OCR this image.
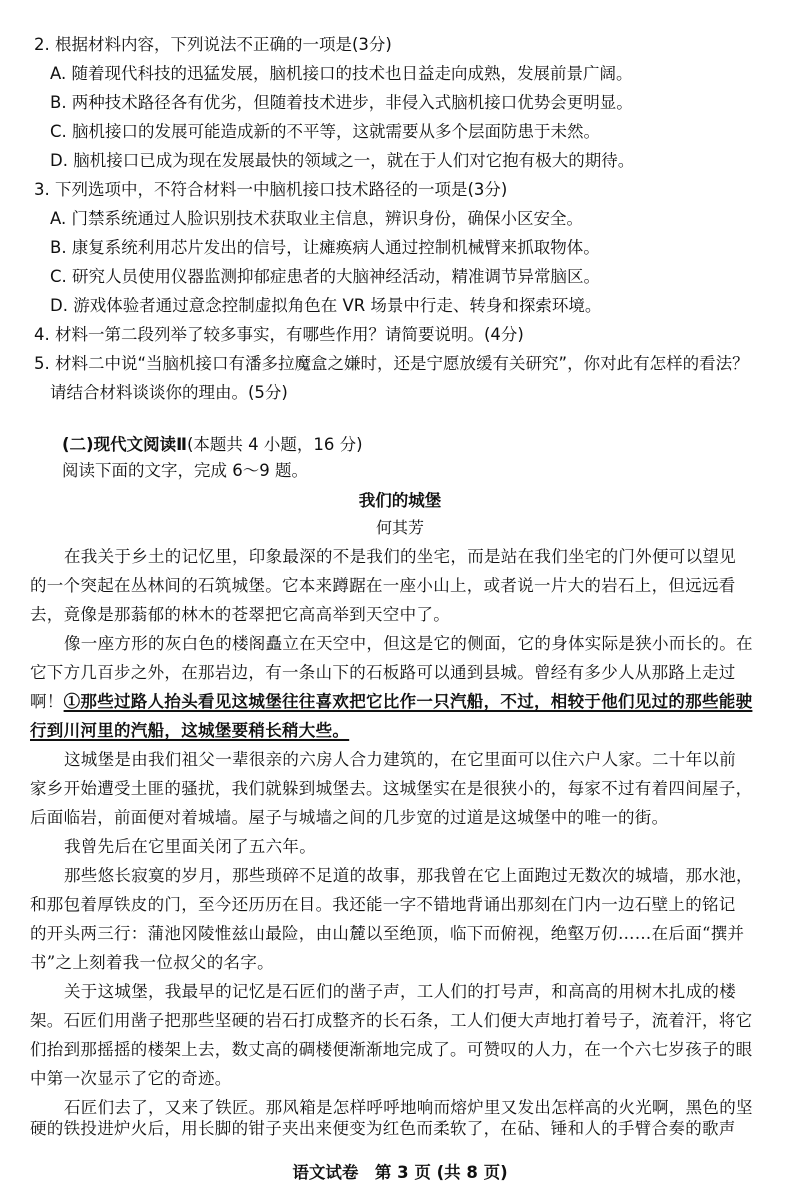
2. 根据材料内容，下列说法不正确的一项是(3分)
A. 随着现代科技的迅猛发展，脑机接口的技术也日益走向成熟，发展前景广阔。
B. 两种技术路径各有优劣，但随着技术进步，非侵入式脑机接口优势会更明显。
C. 脑机接口的发展可能造成新的不平等，这就需要从多个层面防患于未然。
D. 脑机接口已成为现在发展最快的领域之一，就在于人们对它抱有极大的期待。
3. 下列选项中，不符合材料一中脑机接口技术路径的一项是(3分)
A. 门禁系统通过人脸识别技术获取业主信息，辨识身份，确保小区安全。
B. 康复系统利用芯片发出的信号，让瘫痪病人通过控制机械臂来抓取物体。
C. 研究人员使用仪器监测抑郁症患者的大脑神经活动，精准调节异常脑区。
D. 游戏体验者通过意念控制虚拟角色在 VR 场景中行走、转身和探索环境。
4. 材料一第二段列举了较多事实，有哪些作用？请简要说明。(4分)
5. 材料二中说“当脑机接口有潘多拉魔盒之嫌时，还是宁愿放缓有关研究”，你对此有怎样的看法？
请结合材料谈谈你的理由。(5分)
(二)现代文阅读Ⅱ(本题共 4 小题，16 分)
阅读下面的文字，完成 6～9 题。
我们的城堡
何其芳
在我关于乡土的记忆里，印象最深的不是我们的坐宅，而是站在我们坐宅的门外便可以望见
的一个突起在丛林间的石筑城堡。它本来蹲踞在一座小山上，或者说一片大的岩石上，但远远看
去，竟像是那蓊郁的林木的苍翠把它高高举到天空中了。
像一座方形的灰白色的楼阁矗立在天空中，但这是它的侧面，它的身体实际是狭小而长的。在
它下方几百步之外，在那岩边，有一条山下的石板路可以通到县城。曾经有多少人从那路上走过
啊！①那些过路人抬头看见这城堡往往喜欢把它比作一只汽船，不过，相较于他们见过的那些能驶
行到川河里的汽船，这城堡要稍长稍大些。
这城堡是由我们祖父一辈很亲的六房人合力建筑的，在它里面可以住六户人家。二十年以前
家乡开始遭受土匪的骚扰，我们就躲到城堡去。这城堡实在是很狭小的，每家不过有着四间屋子，
后面临岩，前面便对着城墙。屋子与城墙之间的几步宽的过道是这城堡中的唯一的街。
我曾先后在它里面关闭了五六年。
那些悠长寂寞的岁月，那些琐碎不足道的故事，那我曾在它上面跑过无数次的城墙，那水池，
和那包着厚铁皮的门，至今还历历在目。我还能一字不错地背诵出那刻在门内一边石壁上的铭记
的开头两三行：蒲池冈陵惟兹山最险，由山麓以至绝顶，临下而俯视，绝壑万仞……在后面“撰并
书”之上刻着我一位叔父的名字。
关于这城堡，我最早的记忆是石匠们的凿子声，工人们的打号声，和高高的用树木扎成的楼
架。石匠们用凿子把那些坚硬的岩石打成整齐的长石条，工人们便大声地打着号子，流着汗，将它
们抬到那摇摇的楼架上去，数丈高的碉楼便渐渐地完成了。可赞叹的人力，在一个六七岁孩子的眼
中第一次显示了它的奇迹。
石匠们去了，又来了铁匠。那风箱是怎样呼呼地响而熔炉里又发出怎样高的火光啊，黑色的坚
硬的铁投进炉火后，用长脚的钳子夹出来便变为红色而柔软了，在砧、锤和人的手臂合奏的歌声
语文试卷　第 3 页 (共 8 页)
